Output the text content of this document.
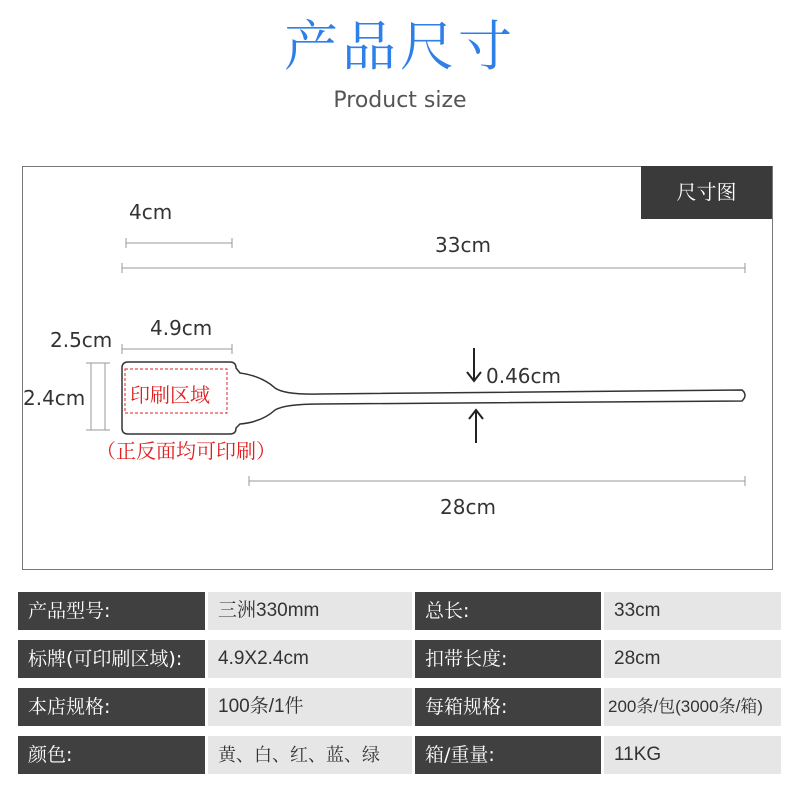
产品尺寸
Product size
尺寸图
4cm
33cm
4.9cm
2.5cm
2.4cm 印刷区域
（正反面均可印刷）
0.46cm
28cm
产品型号:	三洲330mm	总长:	33cm
标牌(可印刷区域):	4.9X2.4cm	扣带长度:	28cm
本店规格:	100条/1件	每箱规格:	200条/包(3000条/箱)
颜色:	黄、白、红、蓝、绿	箱/重量:	11KG
